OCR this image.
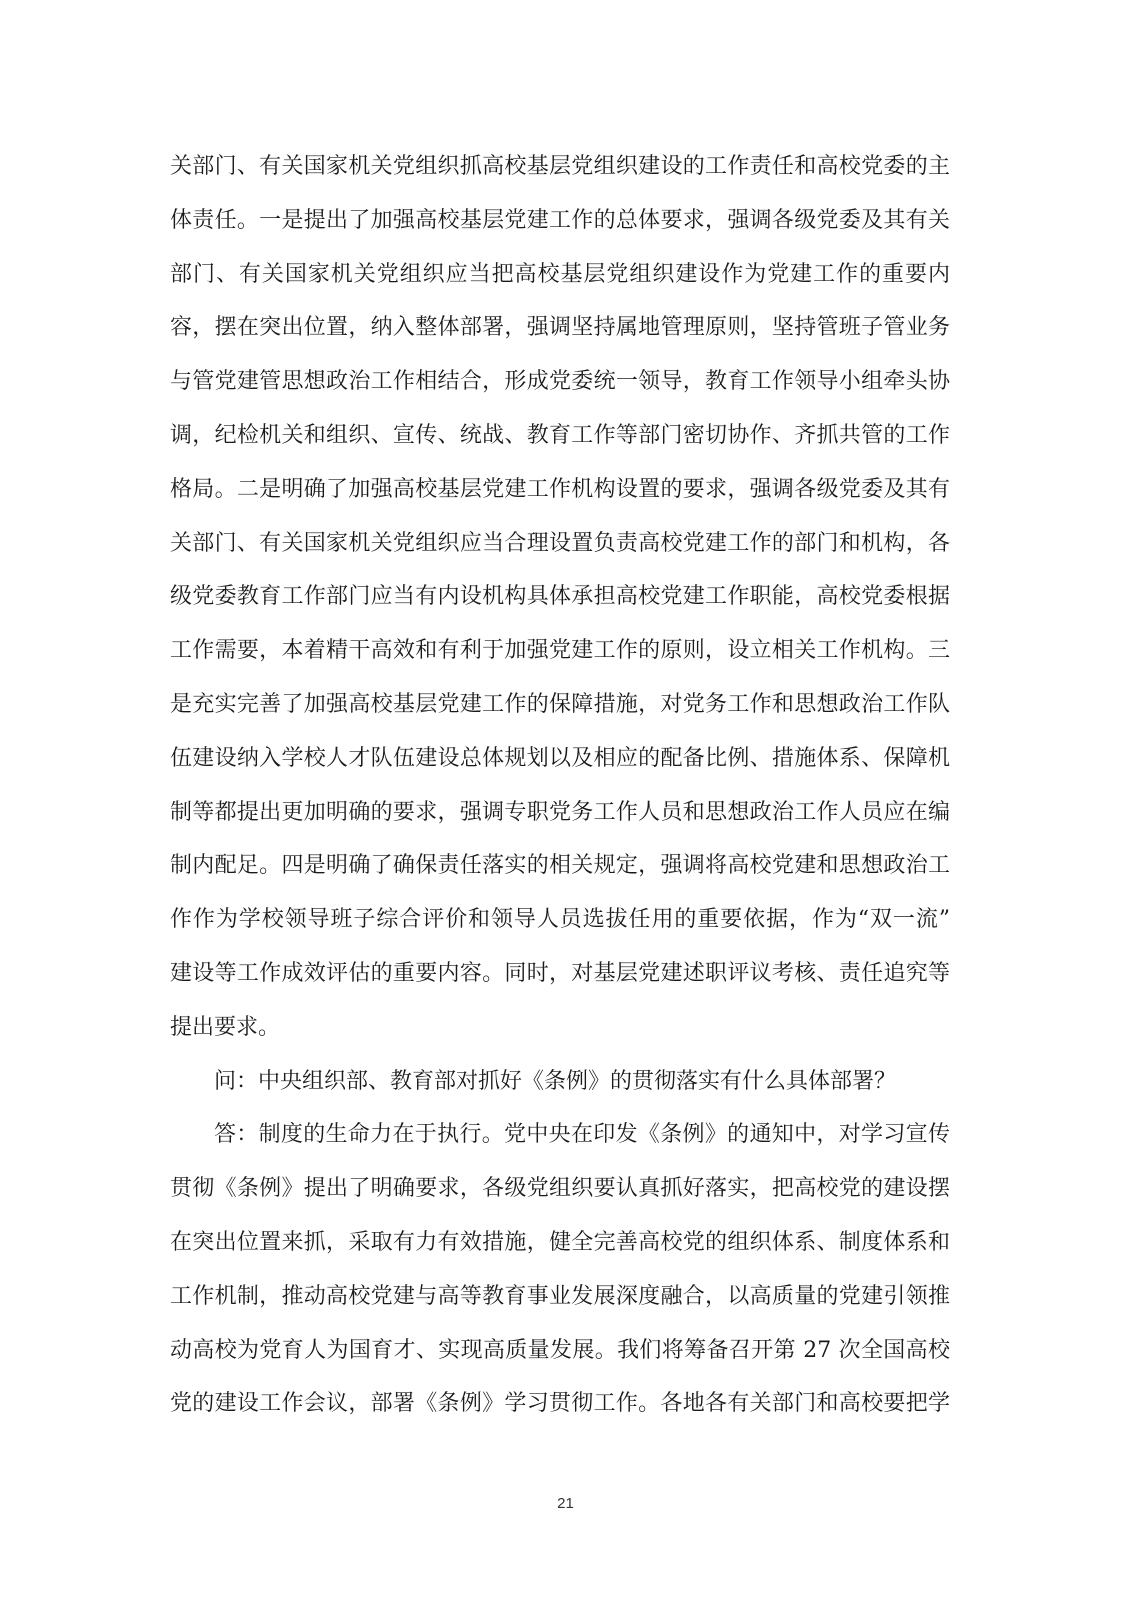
关部门、有关国家机关党组织抓高校基层党组织建设的工作责任和高校党委的主
体责任。一是提出了加强高校基层党建工作的总体要求，强调各级党委及其有关
部门、有关国家机关党组织应当把高校基层党组织建设作为党建工作的重要内
容，摆在突出位置，纳入整体部署，强调坚持属地管理原则，坚持管班子管业务
与管党建管思想政治工作相结合，形成党委统一领导，教育工作领导小组牵头协
调，纪检机关和组织、宣传、统战、教育工作等部门密切协作、齐抓共管的工作
格局。二是明确了加强高校基层党建工作机构设置的要求，强调各级党委及其有
关部门、有关国家机关党组织应当合理设置负责高校党建工作的部门和机构，各
级党委教育工作部门应当有内设机构具体承担高校党建工作职能，高校党委根据
工作需要，本着精干高效和有利于加强党建工作的原则，设立相关工作机构。三
是充实完善了加强高校基层党建工作的保障措施，对党务工作和思想政治工作队
伍建设纳入学校人才队伍建设总体规划以及相应的配备比例、措施体系、保障机
制等都提出更加明确的要求，强调专职党务工作人员和思想政治工作人员应在编
制内配足。四是明确了确保责任落实的相关规定，强调将高校党建和思想政治工
作作为学校领导班子综合评价和领导人员选拔任用的重要依据，作为“双一流”
建设等工作成效评估的重要内容。同时，对基层党建述职评议考核、责任追究等
提出要求。
问：中央组织部、教育部对抓好《条例》的贯彻落实有什么具体部署？
答：制度的生命力在于执行。党中央在印发《条例》的通知中，对学习宣传
贯彻《条例》提出了明确要求，各级党组织要认真抓好落实，把高校党的建设摆
在突出位置来抓，采取有力有效措施，健全完善高校党的组织体系、制度体系和
工作机制，推动高校党建与高等教育事业发展深度融合，以高质量的党建引领推
动高校为党育人为国育才、实现高质量发展。我们将筹备召开第 27 次全国高校
党的建设工作会议，部署《条例》学习贯彻工作。各地各有关部门和高校要把学
21
